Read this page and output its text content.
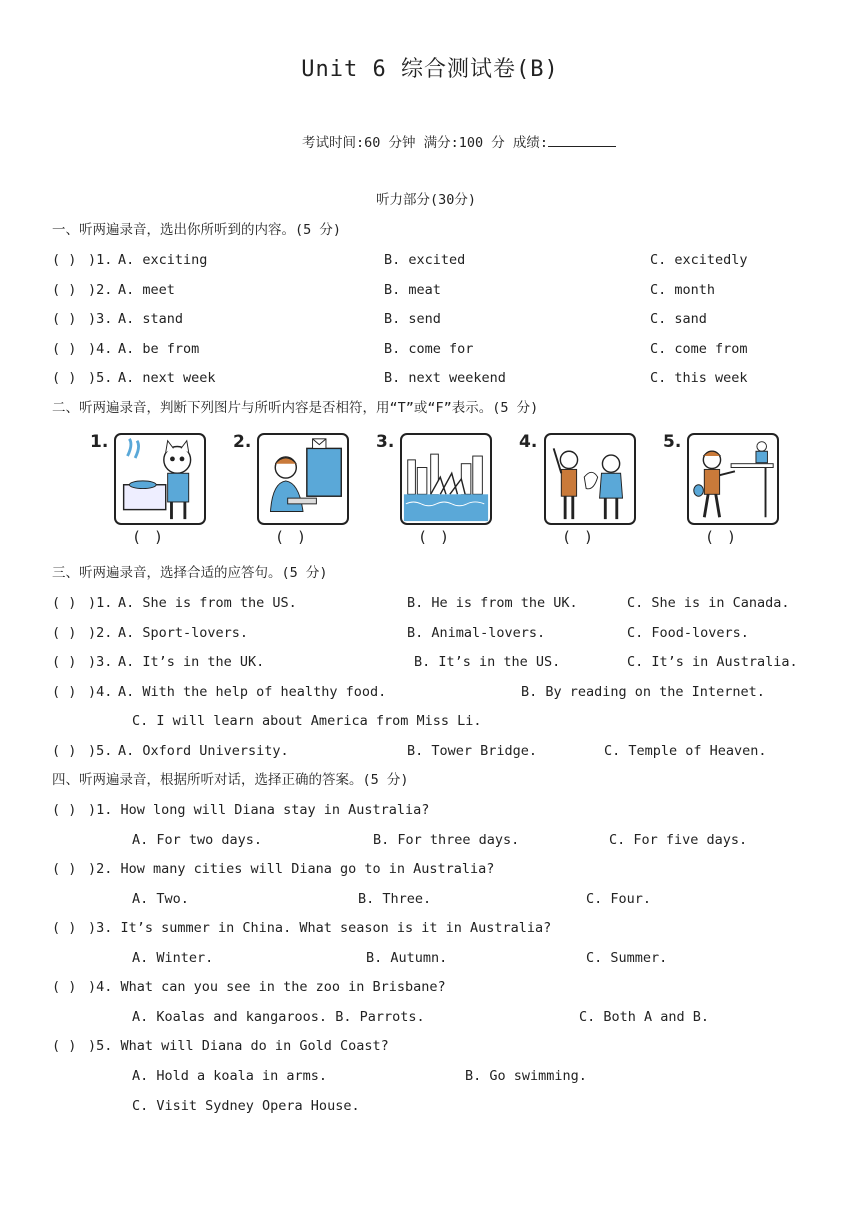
Unit 6 综合测试卷(B)
考试时间:60 分钟 满分:100 分 成绩:
听力部分(30分)
一、听两遍录音，选出你所听到的内容。(5 分)
( ) )1. A. exciting	B. excited	C. excitedly
( ) )2. A. meet	B. meat	C. month
( ) )3. A. stand	B. send	C. sand
( ) )4. A. be from	B. come for	C. come from
( ) )5. A. next week	B. next weekend	C. this week
二、听两遍录音，判断下列图片与所听内容是否相符，用“T”或“F”表示。(5 分)
1.
( )
2.
( )
3.
( )
4.
( )
5.
( )
三、听两遍录音，选择合适的应答句。(5 分)
( ) )1. A. She is from the US.	B. He is from the UK.	C. She is in Canada.
( ) )2. A. Sport-lovers.	B. Animal-lovers.	C. Food-lovers.
( ) )3. A. It’s in the UK.	B. It’s in the US.	C. It’s in Australia.
( ) )4. A. With the help of healthy food.	B. By reading on the Internet.
C. I will learn about America from Miss Li.
( ) )5. A. Oxford University.	B. Tower Bridge.	C. Temple of Heaven.
四、听两遍录音，根据所听对话，选择正确的答案。(5 分)
( ) )1. How long will Diana stay in Australia?
A. For two days.	B. For three days.	C. For five days.
( ) )2. How many cities will Diana go to in Australia?
A. Two.	B. Three.	C. Four.
( ) )3. It’s summer in China. What season is it in Australia?
A. Winter.	B. Autumn.	C. Summer.
( ) )4. What can you see in the zoo in Brisbane?
A. Koalas and kangaroos. B. Parrots.	C. Both A and B.
( ) )5. What will Diana do in Gold Coast?
A. Hold a koala in arms.	B. Go swimming.
C. Visit Sydney Opera House.
